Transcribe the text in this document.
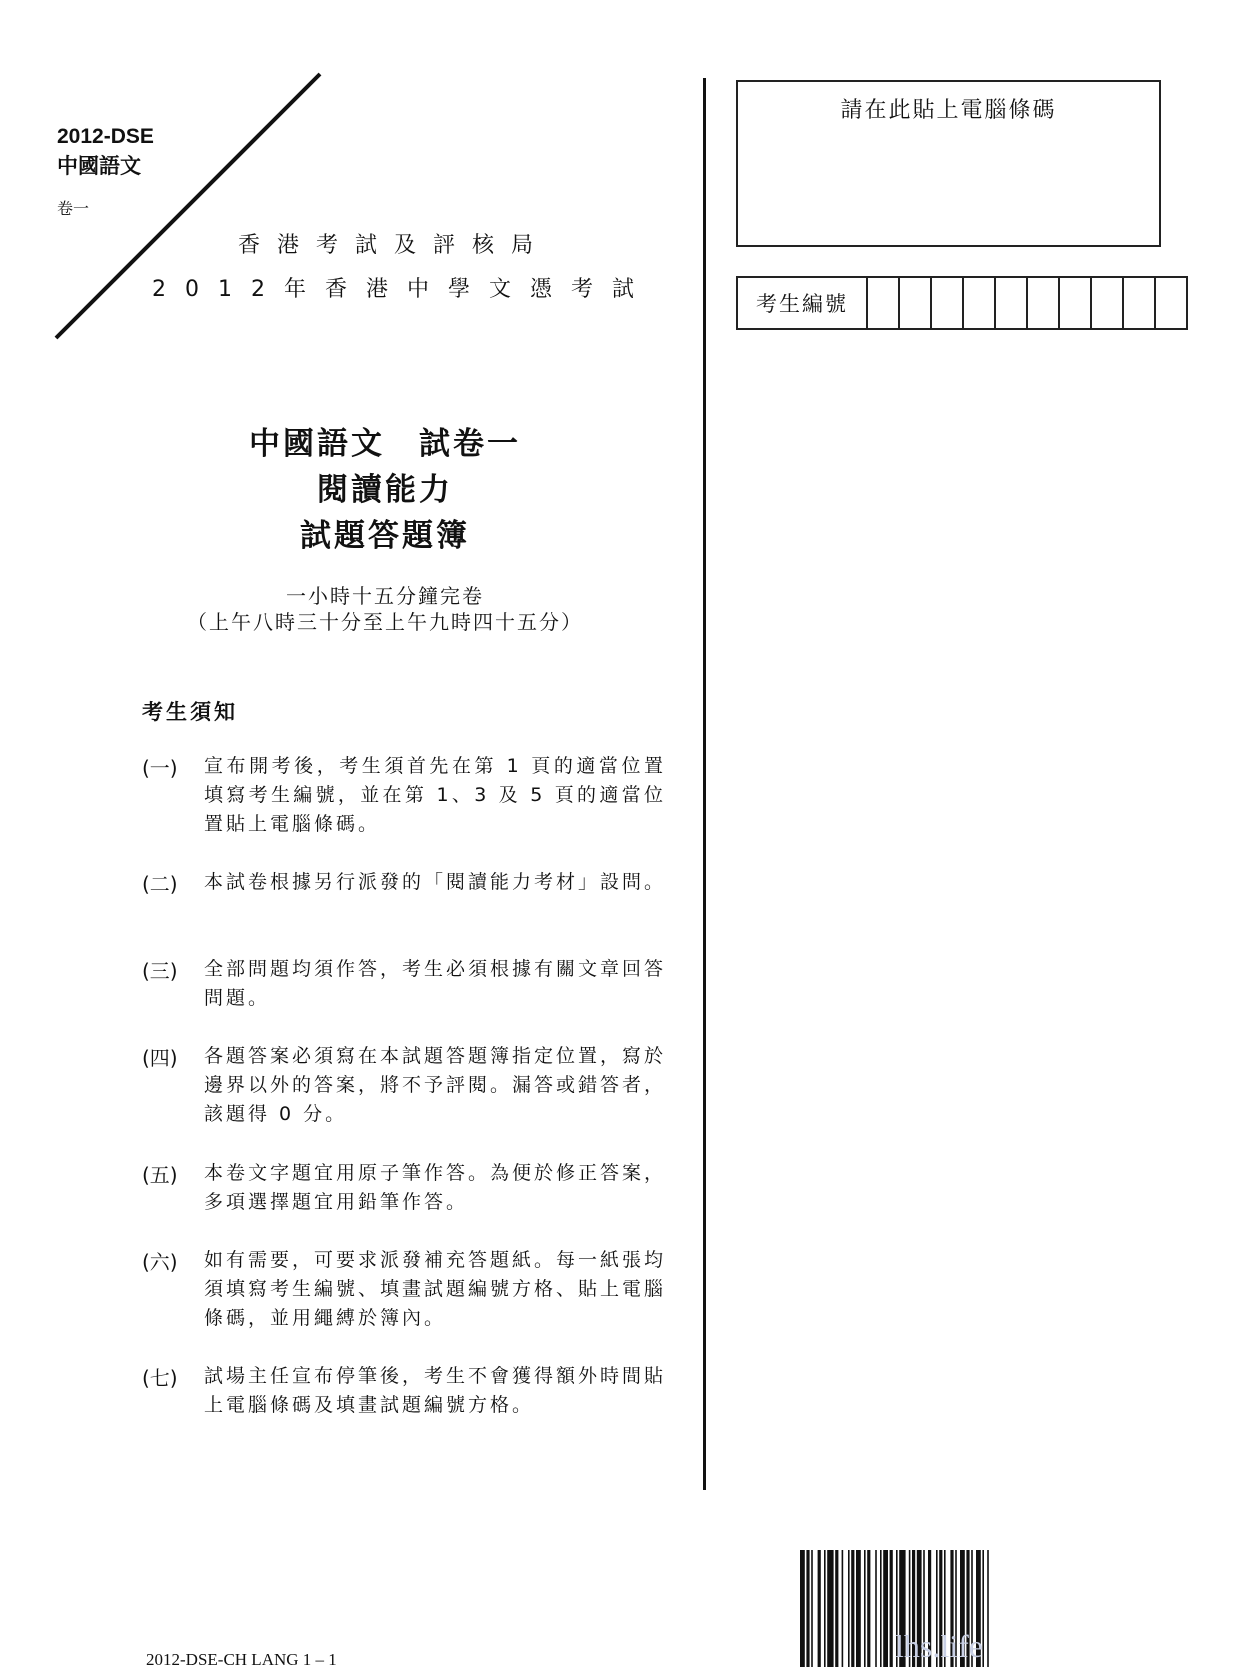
2012-DSE
中國語文
卷一
香港考試及評核局
2012年香港中學文憑考試
中國語文　試卷一
閱讀能力
試題答題簿
一小時十五分鐘完卷
（上午八時三十分至上午九時四十五分）
考生須知
(一) 宣布開考後，考生須首先在第 1 頁的適當位置填寫考生編號，並在第 1、3 及 5 頁的適當位置貼上電腦條碼。
(二) 本試卷根據另行派發的「閱讀能力考材」設問。
(三) 全部問題均須作答，考生必須根據有關文章回答問題。
(四) 各題答案必須寫在本試題答題簿指定位置，寫於邊界以外的答案，將不予評閱。漏答或錯答者，該題得 0 分。
(五) 本卷文字題宜用原子筆作答。為便於修正答案，多項選擇題宜用鉛筆作答。
(六) 如有需要，可要求派發補充答題紙。每一紙張均須填寫考生編號、填畫試題編號方格、貼上電腦條碼，並用繩縛於簿內。
(七) 試場主任宣布停筆後，考生不會獲得額外時間貼上電腦條碼及填畫試題編號方格。
請在此貼上電腦條碼
考生編號
lhs.life
2012-DSE-CH LANG 1 – 1
